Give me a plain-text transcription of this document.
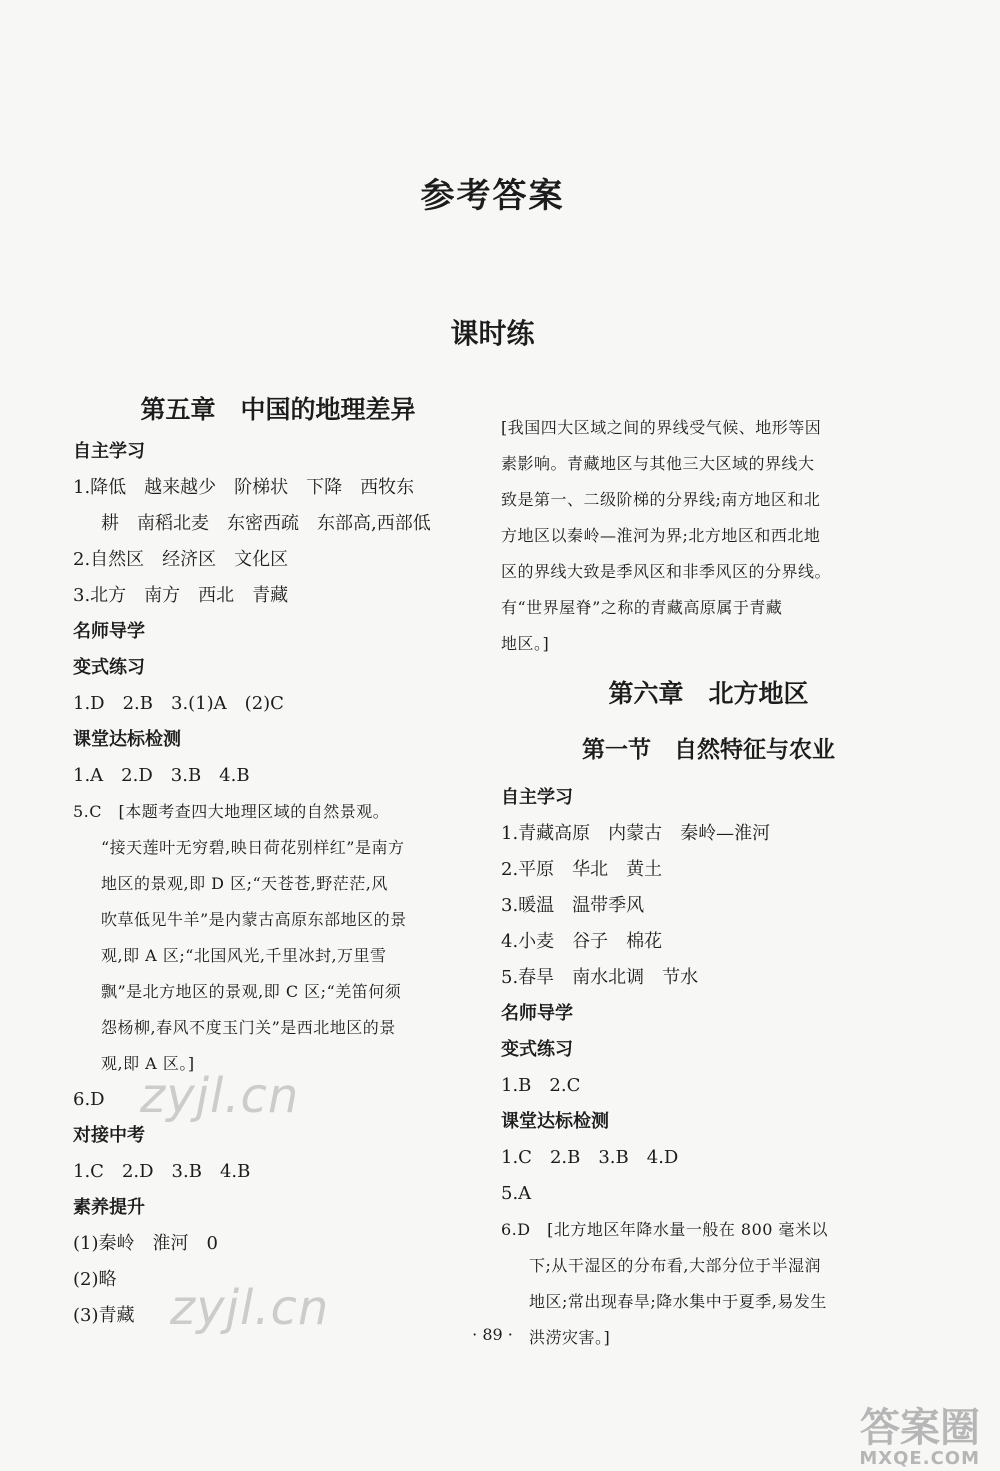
参考答案
课时练
第五章　中国的地理差异
自主学习
1.降低　越来越少　阶梯状　下降　西牧东
耕　南稻北麦　东密西疏　东部高,西部低
2.自然区　经济区　文化区
3.北方　南方　西北　青藏
名师导学
变式练习
1.D　2.B　3.(1)A　(2)C
课堂达标检测
1.A　2.D　3.B　4.B
5.C　[本题考查四大地理区域的自然景观。
“接天莲叶无穷碧,映日荷花别样红”是南方
地区的景观,即 D 区;“天苍苍,野茫茫,风
吹草低见牛羊”是内蒙古高原东部地区的景
观,即 A 区;“北国风光,千里冰封,万里雪
飘”是北方地区的景观,即 C 区;“羌笛何须
怨杨柳,春风不度玉门关”是西北地区的景
观,即 A 区。]
6.D
对接中考
1.C　2.D　3.B　4.B
素养提升
(1)秦岭　淮河　0
(2)略
(3)青藏
[我国四大区域之间的界线受气候、地形等因
素影响。青藏地区与其他三大区域的界线大
致是第一、二级阶梯的分界线;南方地区和北
方地区以秦岭—淮河为界;北方地区和西北地
区的界线大致是季风区和非季风区的分界线。
有“世界屋脊”之称的青藏高原属于青藏
地区。]
第六章　北方地区
第一节　自然特征与农业
自主学习
1.青藏高原　内蒙古　秦岭—淮河
2.平原　华北　黄土
3.暖温　温带季风
4.小麦　谷子　棉花
5.春旱　南水北调　节水
名师导学
变式练习
1.B　2.C
课堂达标检测
1.C　2.B　3.B　4.D
5.A
6.D　[北方地区年降水量一般在 800 毫米以
下;从干湿区的分布看,大部分位于半湿润
地区;常出现春旱;降水集中于夏季,易发生
洪涝灾害。]
· 89 ·
zyjl.cn
zyjl.cn
答案圈
MXQE.COM
